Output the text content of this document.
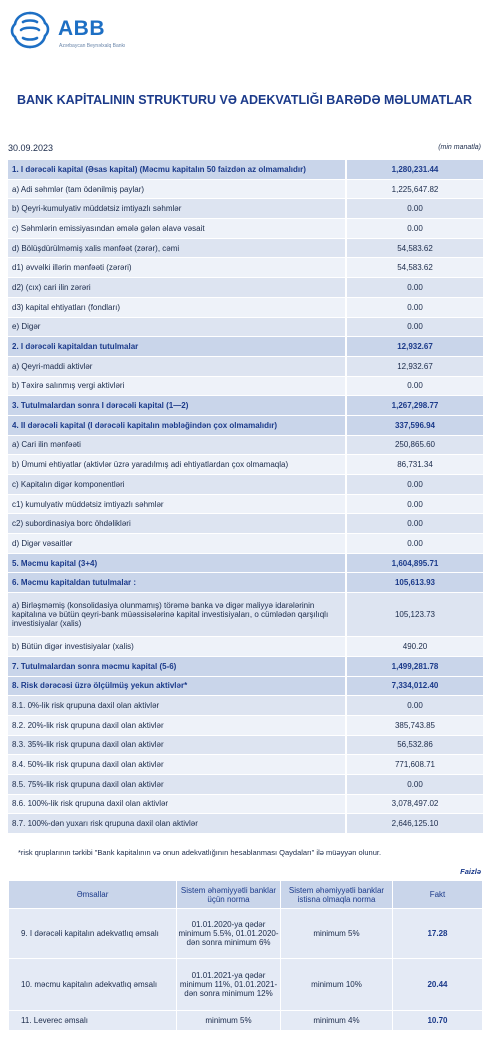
ABB
Azərbaycan Beynəlxalq Bankı
BANK KAPİTALININ STRUKTURU VƏ ADEKVATLIĞI BARƏDƏ MƏLUMATLAR
30.09.2023	(min manatla)
1. I dərəcəli kapital (Əsas kapital) (Məcmu kapitalın 50 faizdən az olmamalıdır)	1,280,231.44
a) Adi səhmlər (tam ödənilmiş paylar)	1,225,647.82
b) Qeyri-kumulyativ müddətsiz imtiyazlı səhmlər	0.00
c) Səhmlərin emissiyasından əmələ gələn əlavə vəsait	0.00
d) Bölüşdürülməmiş xalis mənfəət (zərər), cəmi	54,583.62
d1) əvvəlki illərin mənfəəti (zərəri)	54,583.62
d2) (cıx) cari ilin zərəri	0.00
d3) kapital ehtiyatları (fondları)	0.00
e) Digər	0.00
2. I dərəcəli kapitaldan tutulmalar	12,932.67
a) Qeyri-maddi aktivlər	12,932.67
b) Təxirə salınmış vergi aktivləri	0.00
3. Tutulmalardan sonra I dərəcəli kapital (1—2)	1,267,298.77
4. II dərəcəli kapital (I dərəcəli kapitalın məbləğindən çox olmamalıdır)	337,596.94
a) Cari ilin mənfəəti	250,865.60
b) Ümumi ehtiyatlar (aktivlər üzrə yaradılmış adi ehtiyatlardan çox olmamaqla)	86,731.34
c) Kapitalın digər komponentləri	0.00
c1) kumulyativ müddətsiz imtiyazlı səhmlər	0.00
c2) subordinasiya borc öhdəlikləri	0.00
d) Digər vəsaitlər	0.00
5. Məcmu kapital (3+4)	1,604,895.71
6. Məcmu kapitaldan tutulmalar :	105,613.93
a) Birləşməmiş (konsolidasiya olunmamış) törəmə banka və digər maliyyə idarələrinin kapitalına və bütün qeyri-bank müəssisələrinə kapital investisiyaları, o cümlədən qarşılıqlı investisiyalar (xalis)
105,123.73
b) Bütün digər investisiyalar (xalis)	490.20
7. Tutulmalardan sonra məcmu kapital (5-6)	1,499,281.78
8. Risk dərəcəsi üzrə ölçülmüş yekun aktivlər*	7,334,012.40
8.1. 0%-lik risk qrupuna daxil olan aktivlər	0.00
8.2. 20%-lik risk qrupuna daxil olan aktivlər	385,743.85
8.3. 35%-lik risk qrupuna daxil olan aktivlər	56,532.86
8.4. 50%-lik risk qrupuna daxil olan aktivlər	771,608.71
8.5. 75%-lik risk qrupuna daxil olan aktivlər	0.00
8.6. 100%-lik risk qrupuna daxil olan aktivlər	3,078,497.02
8.7. 100%-dən yuxarı risk qrupuna daxil olan aktivlər	2,646,125.10
*risk qruplarının tərkibi "Bank kapitalının və onun adekvatlığının hesablanması Qaydaları" ilə müəyyən olunur.
Faizlə
Əmsallar	Sistem əhəmiyyətli banklar üçün norma	Sistem əhəmiyyətli banklar istisna olmaqla norma	Fakt
9. I dərəcəli kapitalın adekvatlıq əmsalı	01.01.2020-ya qədər minimum 5.5%, 01.01.2020-dən sonra minimum 6%	minimum 5%	17.28
10. məcmu kapitalın adekvatlıq əmsalı	01.01.2021-ya qədər minimum 11%, 01.01.2021-dən sonra minimum 12%	minimum 10%	20.44
11. Leverec əmsalı	minimum 5%	minimum 4%	10.70
